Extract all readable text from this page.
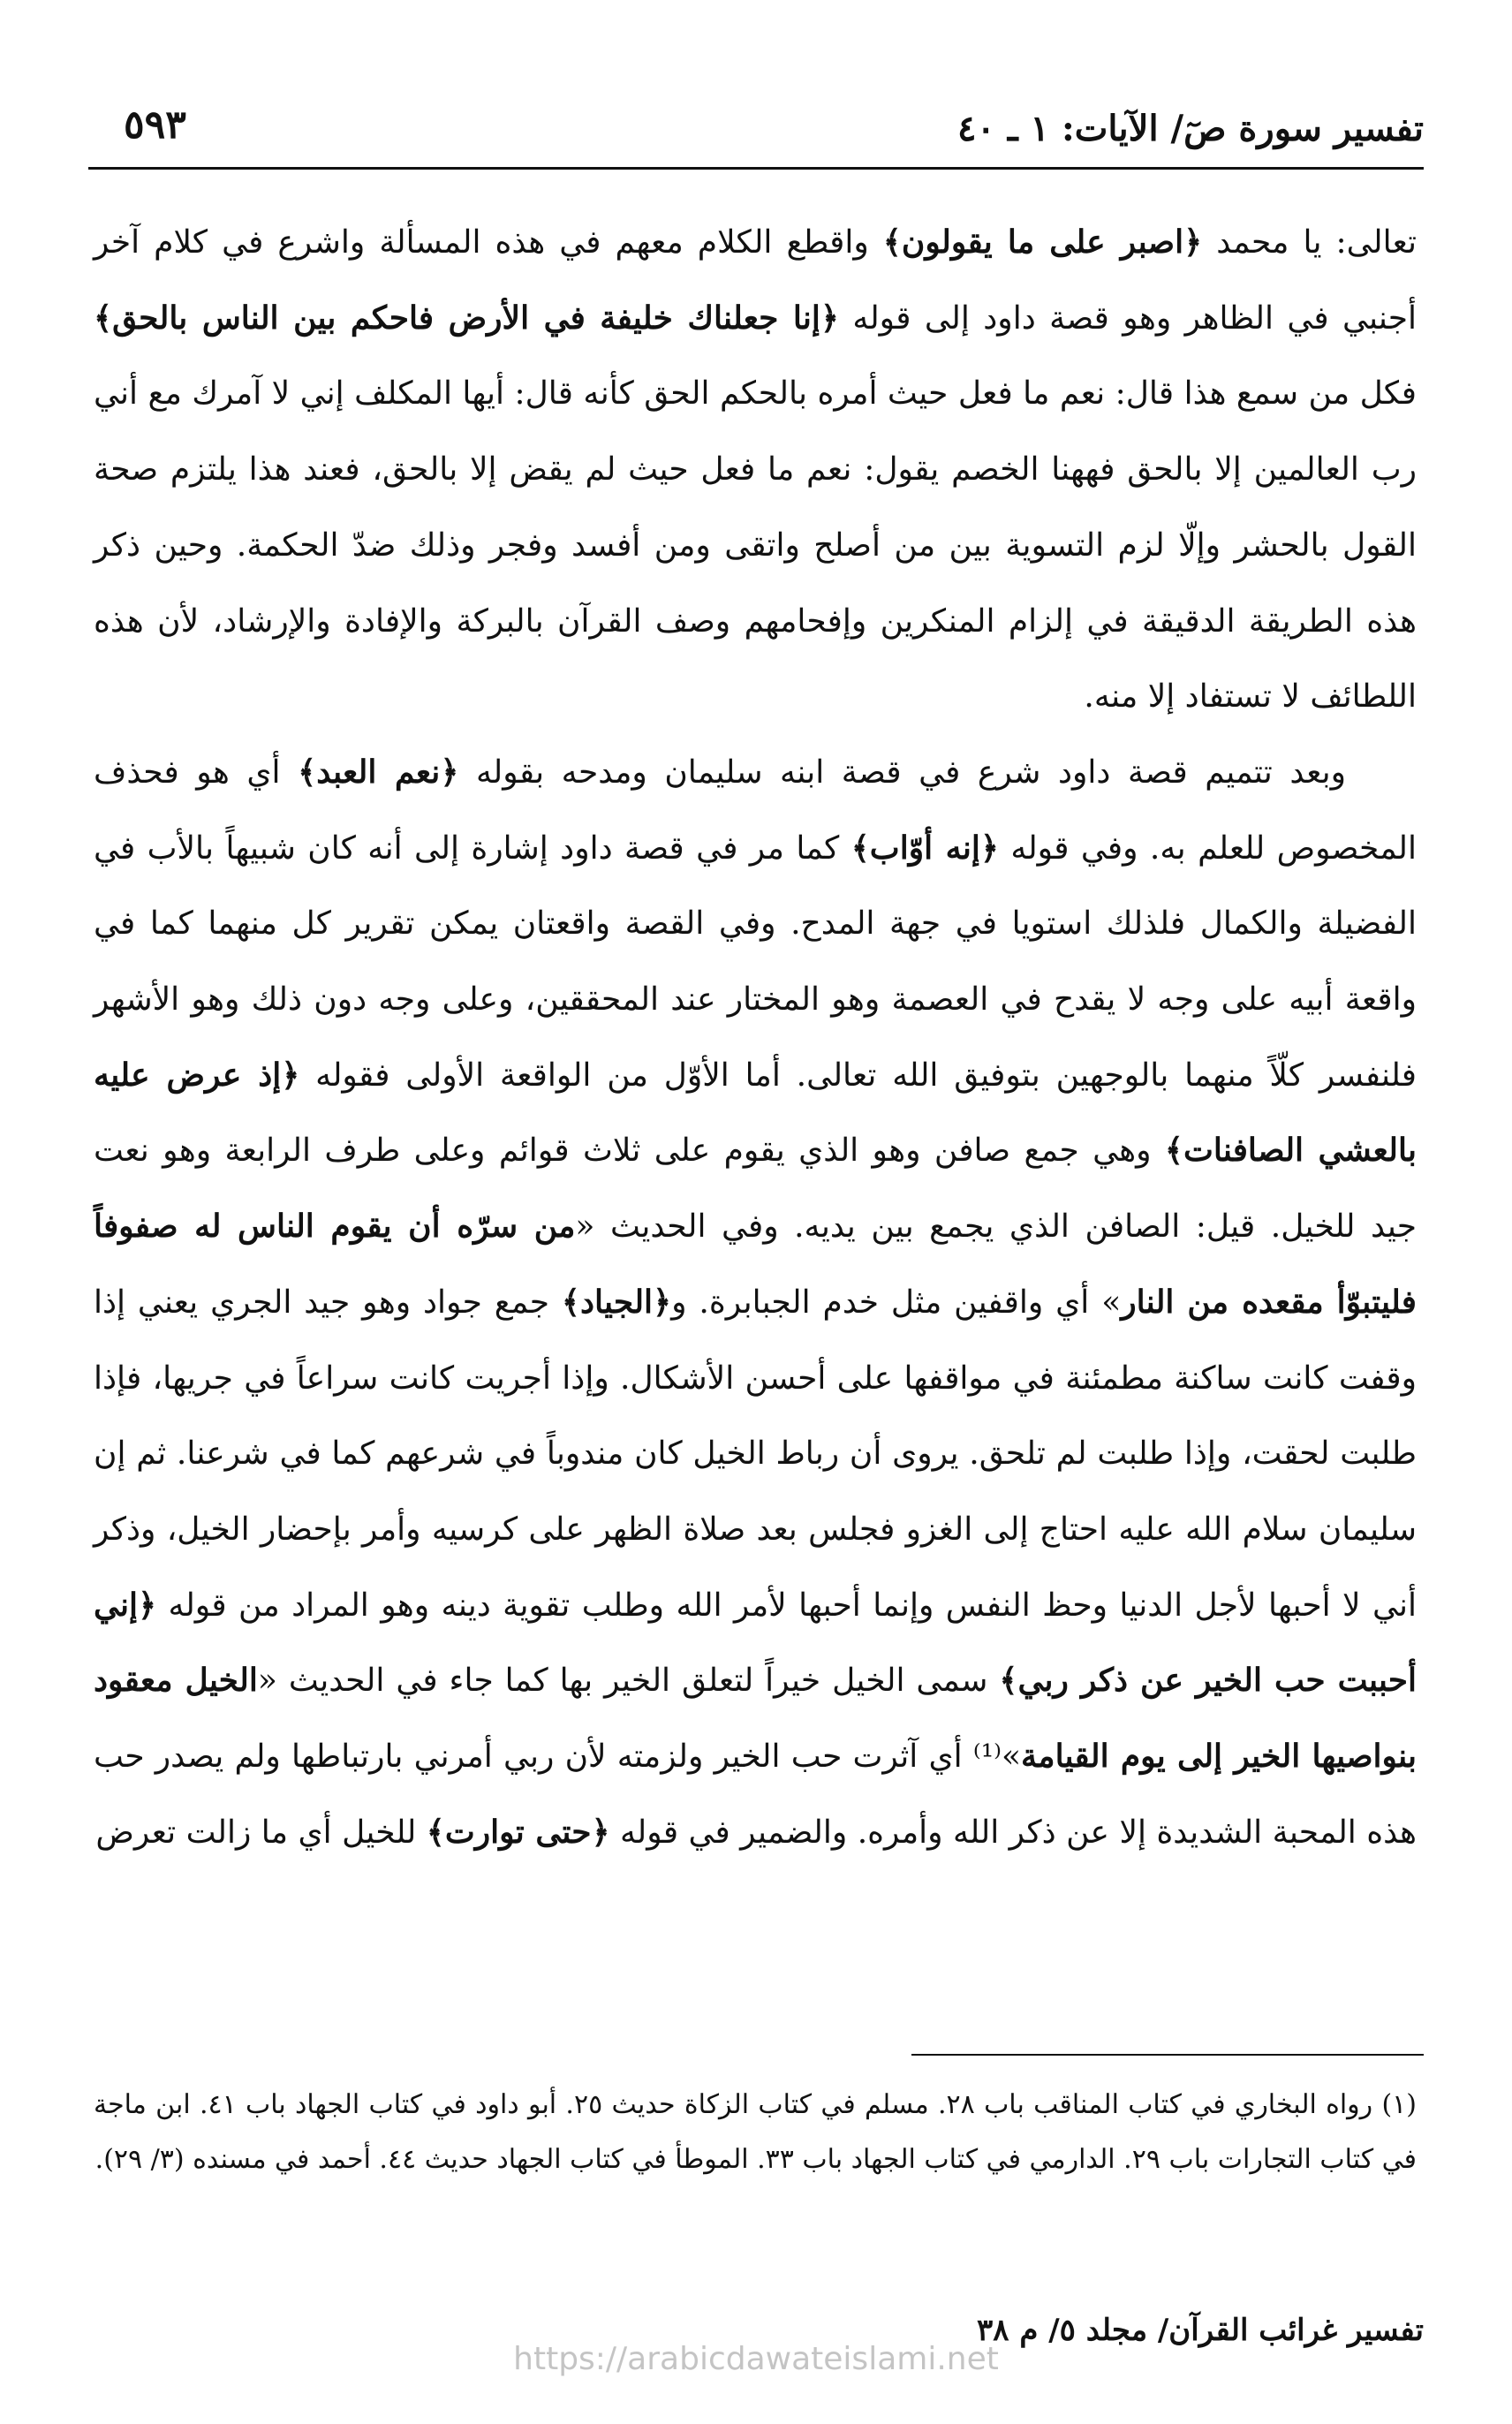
تفسير سورة صٓ/ الآيات: ١ ـ ٤٠
٥٩٣

تعالى: يا محمد ﴿اصبر على ما يقولون﴾ واقطع الكلام معهم في هذه المسألة واشرع في كلام آخر أجنبي في الظاهر وهو قصة داود إلى قوله ﴿إنا جعلناك خليفة في الأرض فاحكم بين الناس بالحق﴾ فكل من سمع هذا قال: نعم ما فعل حيث أمره بالحكم الحق كأنه قال: أيها المكلف إني لا آمرك مع أني رب العالمين إلا بالحق فههنا الخصم يقول: نعم ما فعل حيث لم يقض إلا بالحق، فعند هذا يلتزم صحة القول بالحشر وإلّا لزم التسوية بين من أصلح واتقى ومن أفسد وفجر وذلك ضدّ الحكمة. وحين ذكر هذه الطريقة الدقيقة في إلزام المنكرين وإفحامهم وصف القرآن بالبركة والإفادة والإرشاد، لأن هذه اللطائف لا تستفاد إلا منه.

وبعد تتميم قصة داود شرع في قصة ابنه سليمان ومدحه بقوله ﴿نعم العبد﴾ أي هو فحذف المخصوص للعلم به. وفي قوله ﴿إنه أوّاب﴾ كما مر في قصة داود إشارة إلى أنه كان شبيهاً بالأب في الفضيلة والكمال فلذلك استويا في جهة المدح. وفي القصة واقعتان يمكن تقرير كل منهما كما في واقعة أبيه على وجه لا يقدح في العصمة وهو المختار عند المحققين، وعلى وجه دون ذلك وهو الأشهر فلنفسر كلّاً منهما بالوجهين بتوفيق الله تعالى. أما الأوّل من الواقعة الأولى فقوله ﴿إذ عرض عليه بالعشي الصافنات﴾ وهي جمع صافن وهو الذي يقوم على ثلاث قوائم وعلى طرف الرابعة وهو نعت جيد للخيل. قيل: الصافن الذي يجمع بين يديه. وفي الحديث «من سرّه أن يقوم الناس له صفوفاً فليتبوّأ مقعده من النار» أي واقفين مثل خدم الجبابرة. و﴿الجياد﴾ جمع جواد وهو جيد الجري يعني إذا وقفت كانت ساكنة مطمئنة في مواقفها على أحسن الأشكال. وإذا أجريت كانت سراعاً في جريها، فإذا طلبت لحقت، وإذا طلبت لم تلحق. يروى أن رباط الخيل كان مندوباً في شرعهم كما في شرعنا. ثم إن سليمان سلام الله عليه احتاج إلى الغزو فجلس بعد صلاة الظهر على كرسيه وأمر بإحضار الخيل، وذكر أني لا أحبها لأجل الدنيا وحظ النفس وإنما أحبها لأمر الله وطلب تقوية دينه وهو المراد من قوله ﴿إني أحببت حب الخير عن ذكر ربي﴾ سمى الخيل خيراً لتعلق الخير بها كما جاء في الحديث «الخيل معقود بنواصيها الخير إلى يوم القيامة»⁽¹⁾ أي آثرت حب الخير ولزمته لأن ربي أمرني بارتباطها ولم يصدر حب هذه المحبة الشديدة إلا عن ذكر الله وأمره. والضمير في قوله ﴿حتى توارت﴾ للخيل أي ما زالت تعرض

(١) رواه البخاري في كتاب المناقب باب ٢٨. مسلم في كتاب الزكاة حديث ٢٥. أبو داود في كتاب الجهاد باب ٤١. ابن ماجة في كتاب التجارات باب ٢٩. الدارمي في كتاب الجهاد باب ٣٣. الموطأ في كتاب الجهاد حديث ٤٤. أحمد في مسنده (٣/ ٢٩).
تفسير غرائب القرآن/ مجلد ٥/ م ٣٨
https://arabicdawateislami.net
